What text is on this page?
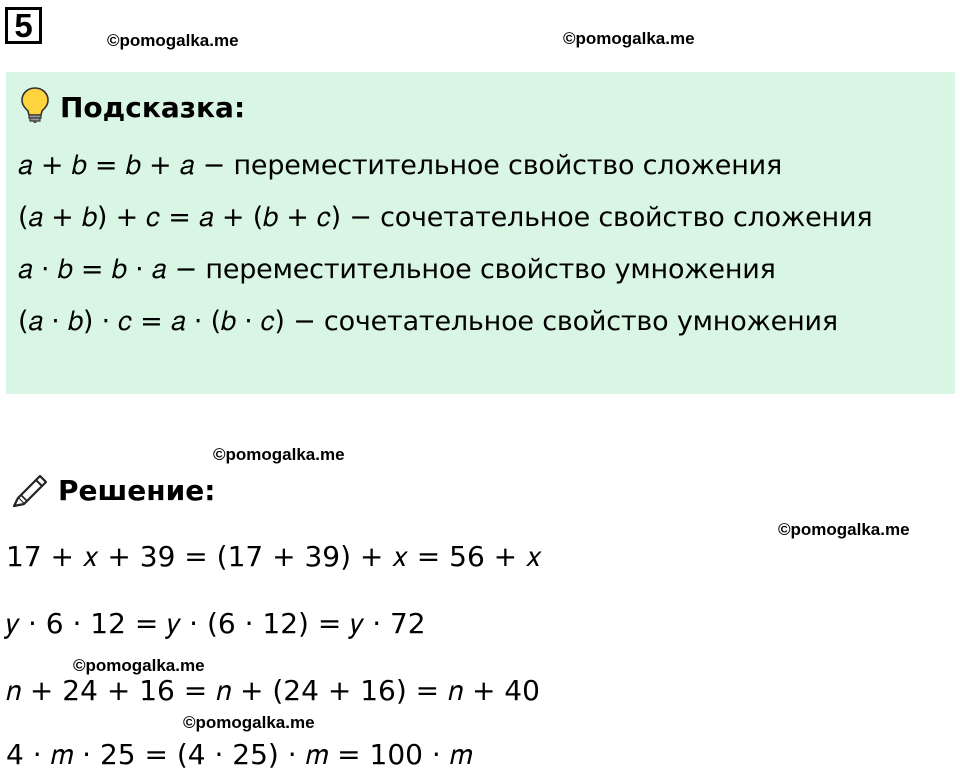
5	©pomogalka.me	©pomogalka.me
Подсказка:
𝑎 + 𝑏 = 𝑏 + 𝑎 − переместительное свойство сложения
(𝑎 + 𝑏) + 𝑐 = 𝑎 + (𝑏 + 𝑐) − сочетательное свойство сложения
𝑎 ⋅ 𝑏 = 𝑏 ⋅ 𝑎 − переместительное свойство умножения
(𝑎 ⋅ 𝑏) ⋅ 𝑐 = 𝑎 ⋅ (𝑏 ⋅ 𝑐) − сочетательное свойство умножения
©pomogalka.me
Решение:
©pomogalka.me
17 + 𝑥 + 39 = (17 + 39) + 𝑥 = 56 + 𝑥
𝑦 ⋅ 6 ⋅ 12 = 𝑦 ⋅ (6 ⋅ 12) = 𝑦 ⋅ 72
©pomogalka.me
𝑛 + 24 + 16 = 𝑛 + (24 + 16) = 𝑛 + 40
©pomogalka.me
4 ⋅ 𝑚 ⋅ 25 = (4 ⋅ 25) ⋅ 𝑚 = 100 ⋅ 𝑚
